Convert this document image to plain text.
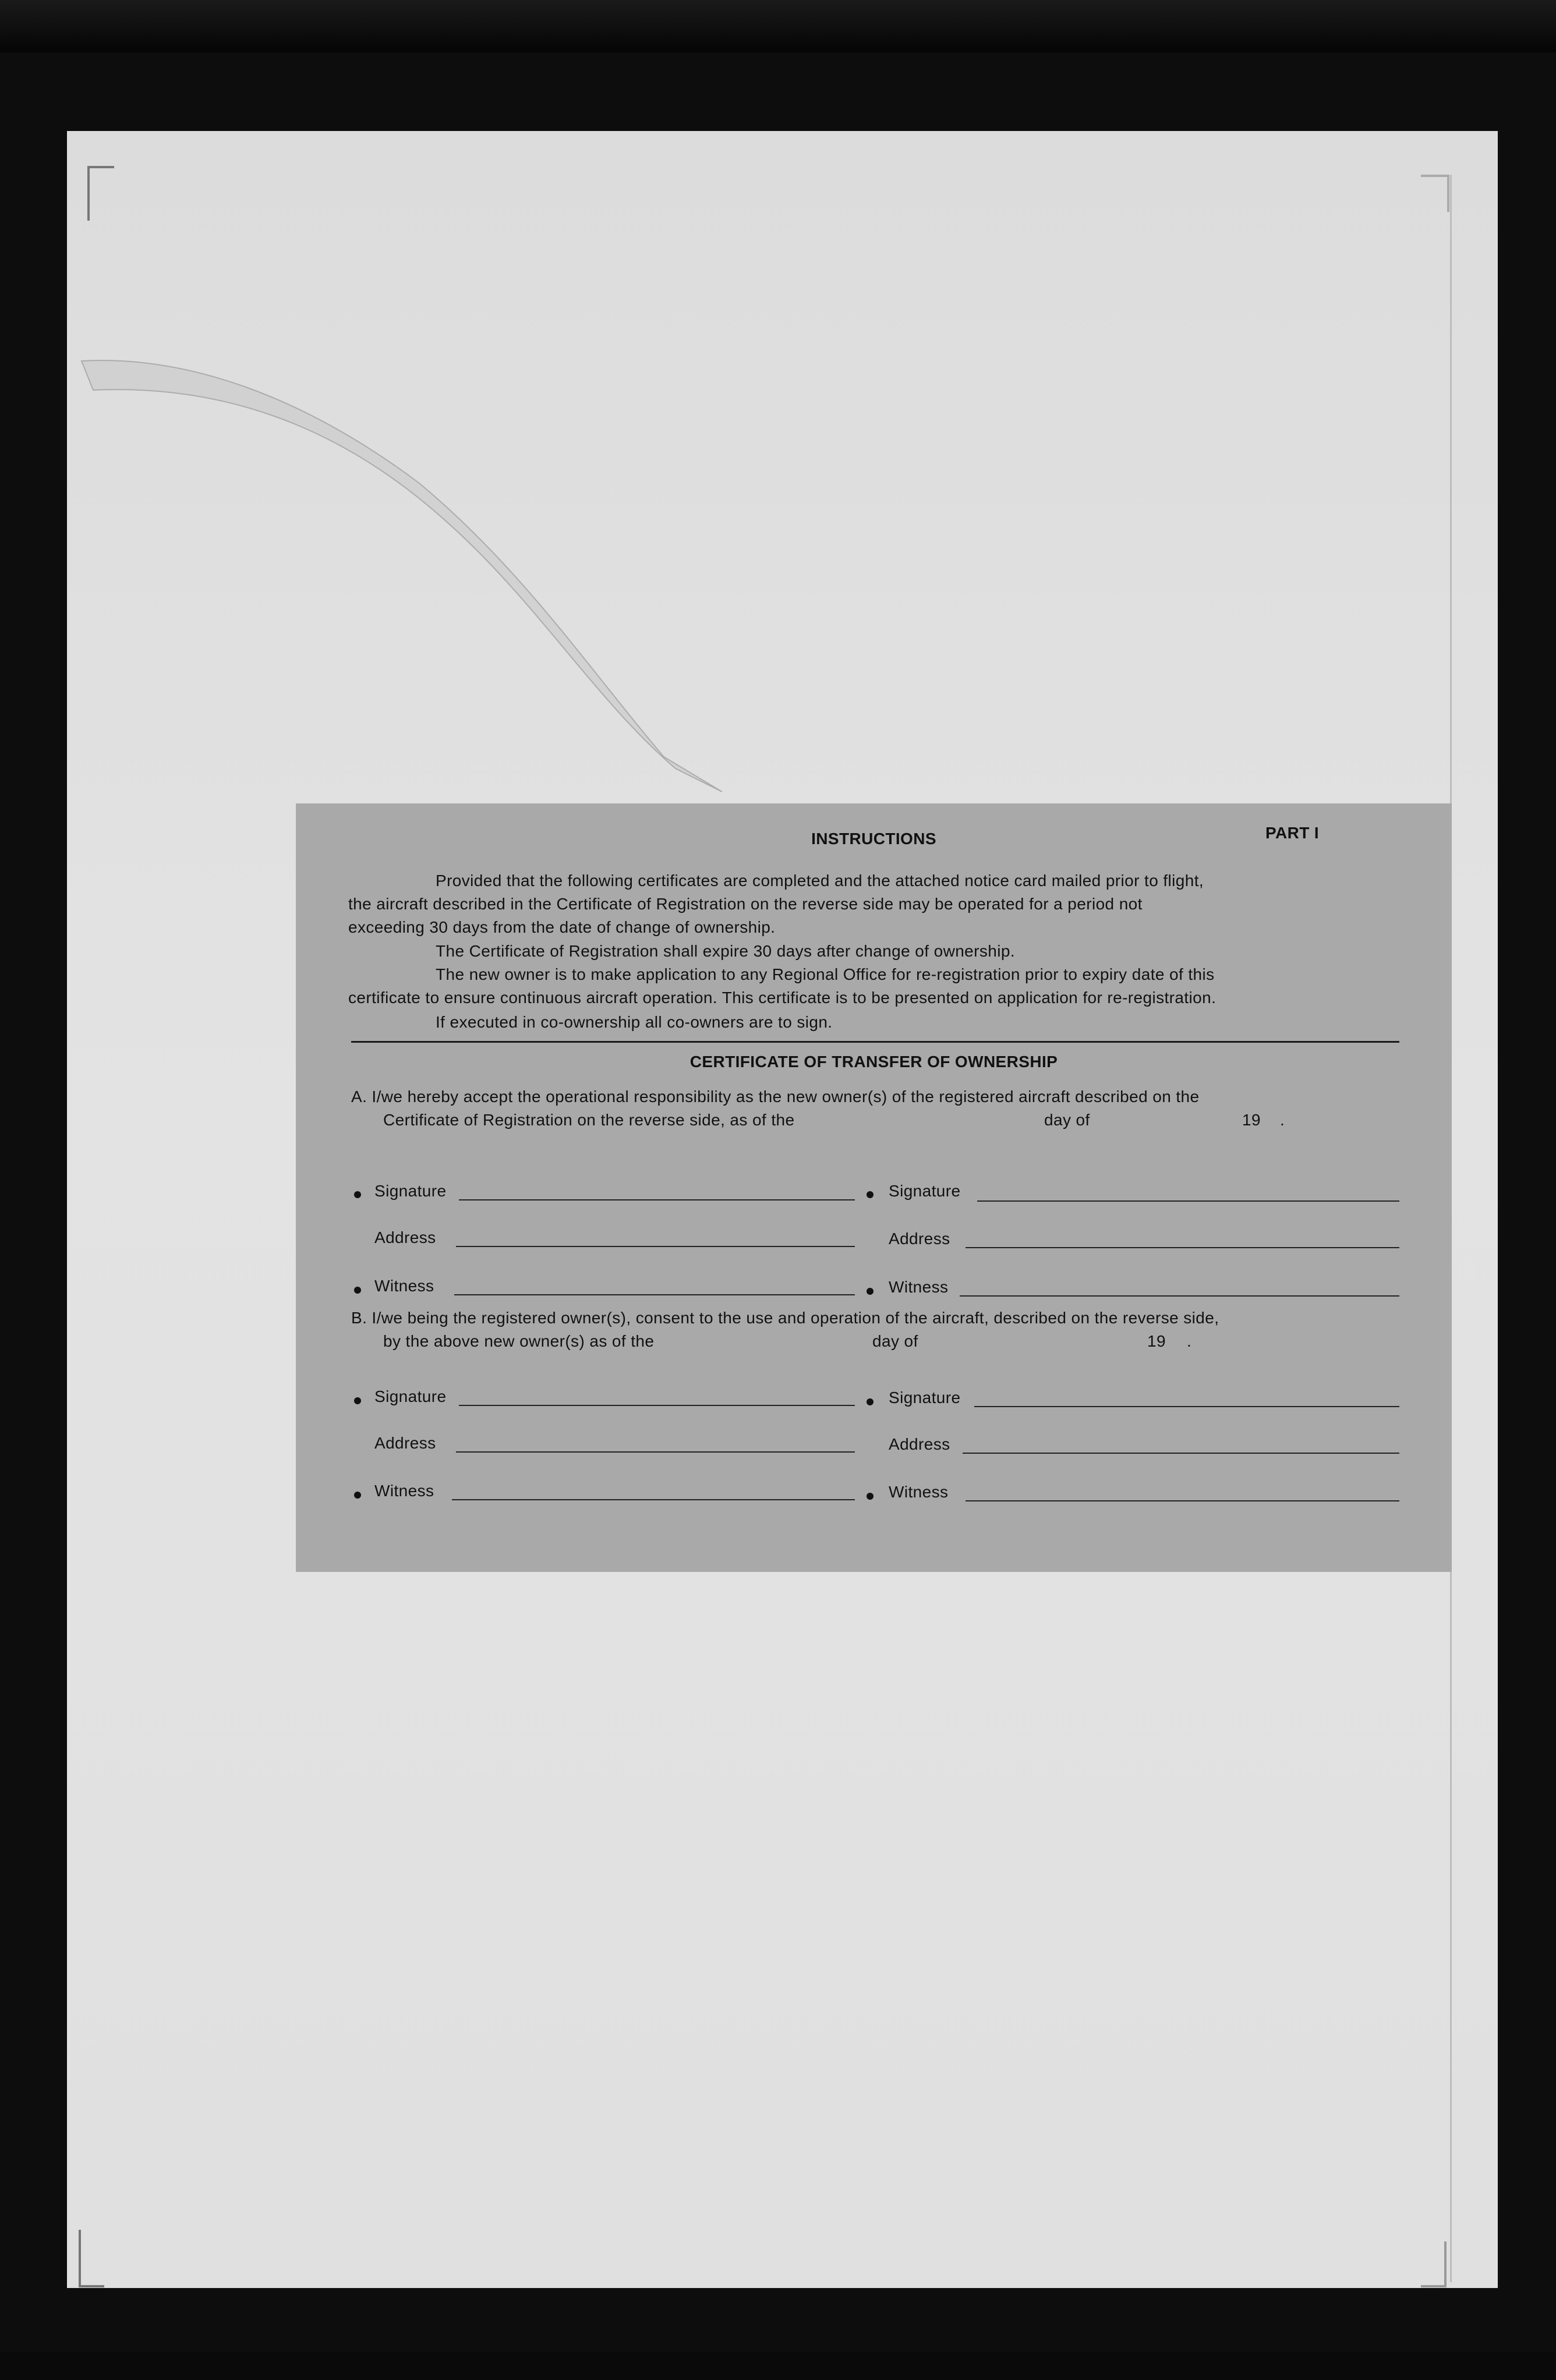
PART I
INSTRUCTIONS
Provided that the following certificates are completed and the attached notice card mailed prior to flight,
the aircraft described in the Certificate of Registration on the reverse side may be operated for a period not
exceeding 30 days from the date of change of ownership.
The Certificate of Registration shall expire 30 days after change of ownership.
The new owner is to make application to any Regional Office for re-registration prior to expiry date of this
certificate to ensure continuous aircraft operation. This certificate is to be presented on application for re-registration.
If executed in co-ownership all co-owners are to sign.
CERTIFICATE OF TRANSFER OF OWNERSHIP
A. I/we hereby accept the operational responsibility as the new owner(s) of the registered aircraft described on the
Certificate of Registration on the reverse side, as of the	day of	19 .
Signature	Signature
Address	Address
Witness	Witness
B. I/we being the registered owner(s), consent to the use and operation of the aircraft, described on the reverse side,
by the above new owner(s) as of the	day of	19 .
Signature	Signature
Address	Address
Witness	Witness
